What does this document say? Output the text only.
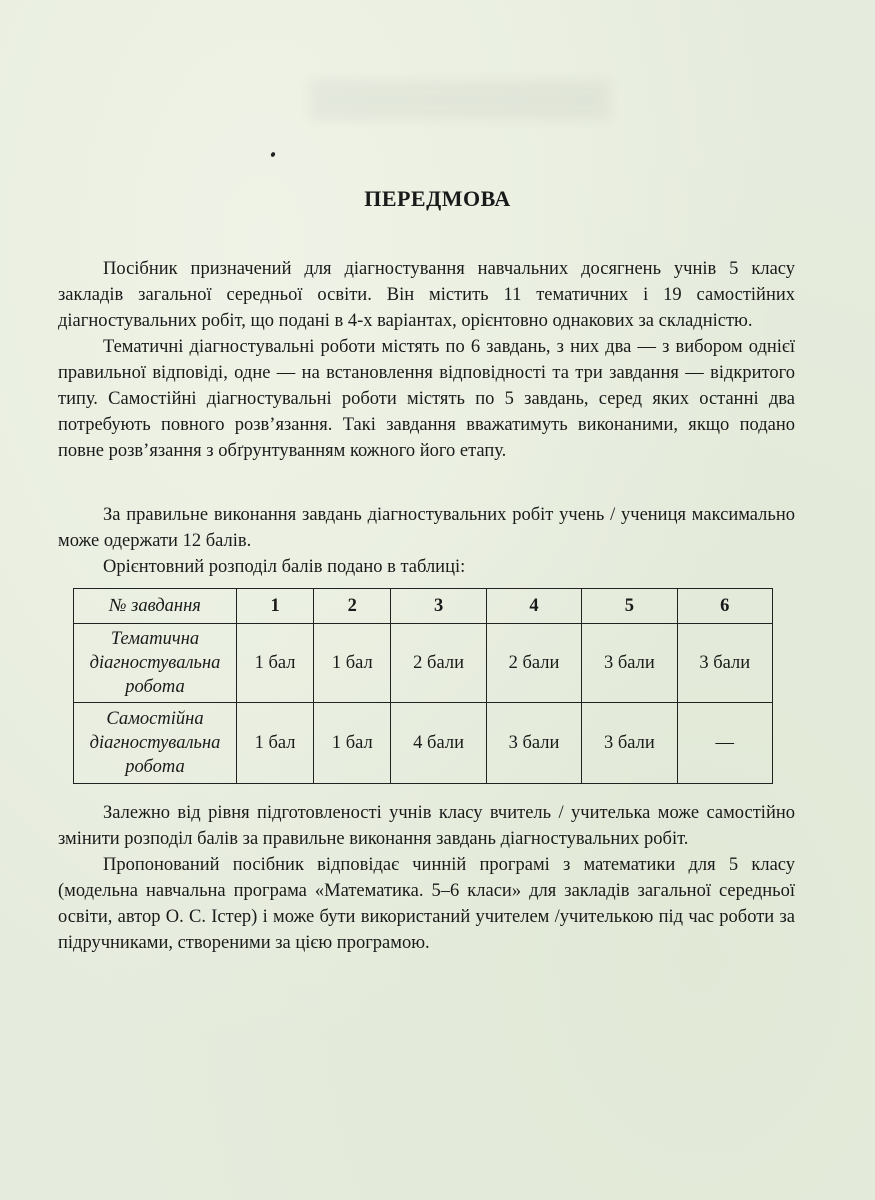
ПЕРЕДМОВА

Посібник призначений для діагностування навчальних досягнень учнів 5 класу закладів загальної середньої освіти. Він містить 11 тематичних і 19 самостійних діагностувальних робіт, що подані в 4-х варіантах, орієнтовно однакових за складністю.

Тематичні діагностувальні роботи містять по 6 завдань, з них два — з вибором однієї правильної відповіді, одне — на встановлення відповідності та три завдання — відкритого типу. Самостійні діагностувальні роботи містять по 5 завдань, серед яких останні два потребують повного розв’язання. Такі завдання вважатимуть виконаними, якщо подано повне розв’язання з обґрунтуванням кожного його етапу.

За правильне виконання завдань діагностувальних робіт учень / учениця максимально може одержати 12 балів.

Орієнтовний розподіл балів подано в таблиці:

№ завдання	1	2	3	4	5	6
Тематична діагностувальна робота	1 бал	1 бал	2 бали	2 бали	3 бали	3 бали
Самостійна діагностувальна робота	1 бал	1 бал	4 бали	3 бали	3 бали	—

Залежно від рівня підготовленості учнів класу вчитель / учителька може самостійно змінити розподіл балів за правильне виконання завдань діагностувальних робіт.

Пропонований посібник відповідає чинній програмі з математики для 5 класу (модельна навчальна програма «Математика. 5–6 класи» для закладів загальної середньої освіти, автор О. С. Істер) і може бути використаний учителем /учителькою під час роботи за підручниками, створеними за цією програмою.
